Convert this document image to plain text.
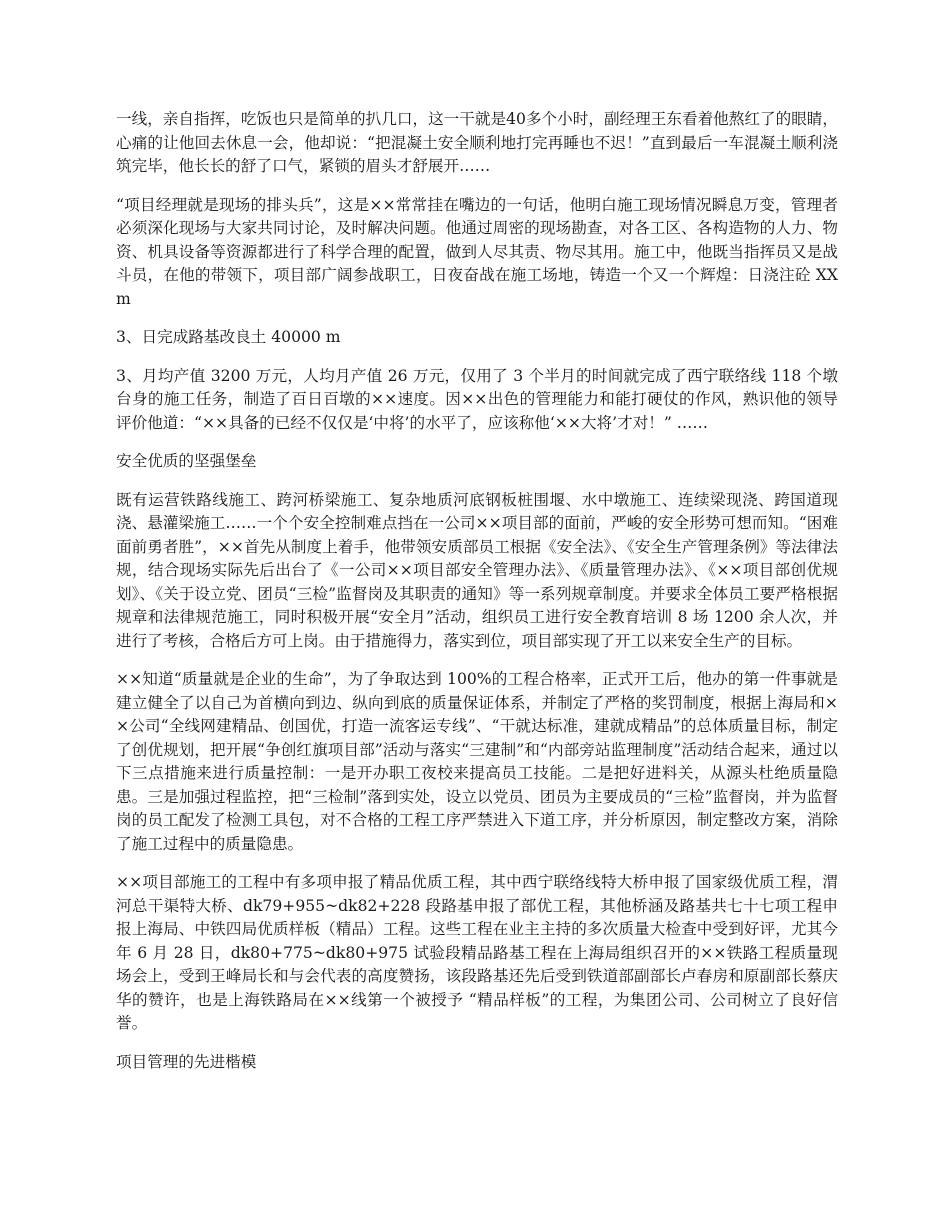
一线，亲自指挥，吃饭也只是简单的扒几口，这一干就是40多个小时，副经理王东看着他熬红了的眼睛，心痛的让他回去休息一会，他却说：“把混凝土安全顺利地打完再睡也不迟！”直到最后一车混凝土顺利浇筑完毕，他长长的舒了口气，紧锁的眉头才舒展开……

“项目经理就是现场的排头兵”，这是××常常挂在嘴边的一句话，他明白施工现场情况瞬息万变，管理者必须深化现场与大家共同讨论，及时解决问题。他通过周密的现场勘查，对各工区、各构造物的人力、物资、机具设备等资源都进行了科学合理的配置，做到人尽其责、物尽其用。施工中，他既当指挥员又是战斗员，在他的带领下，项目部广阔参战职工，日夜奋战在施工场地，铸造一个又一个辉煌：日浇注砼 XX m

3、日完成路基改良土 40000 m

3、月均产值 3200 万元，人均月产值 26 万元，仅用了 3 个半月的时间就完成了西宁联络线 118 个墩台身的施工任务，制造了百日百墩的××速度。因××出色的管理能力和能打硬仗的作风，熟识他的领导评价他道：“××具备的已经不仅仅是‘中将’的水平了，应该称他‘××大将’才对！” ……

安全优质的坚强堡垒

既有运营铁路线施工、跨河桥梁施工、复杂地质河底钢板桩围堰、水中墩施工、连续梁现浇、跨国道现浇、悬灌梁施工……一个个安全控制难点挡在一公司××项目部的面前，严峻的安全形势可想而知。“困难面前勇者胜”，××首先从制度上着手，他带领安质部员工根据《安全法》、《安全生产管理条例》等法律法规，结合现场实际先后出台了《一公司××项目部安全管理办法》、《质量管理办法》、《××项目部创优规划》、《关于设立党、团员“三检”监督岗及其职责的通知》等一系列规章制度。并要求全体员工要严格根据规章和法律规范施工，同时积极开展“安全月”活动，组织员工进行安全教育培训 8 场 1200 余人次，并进行了考核，合格后方可上岗。由于措施得力，落实到位，项目部实现了开工以来安全生产的目标。

××知道“质量就是企业的生命”，为了争取达到 100%的工程合格率，正式开工后，他办的第一件事就是建立健全了以自己为首横向到边、纵向到底的质量保证体系，并制定了严格的奖罚制度，根据上海局和××公司“全线网建精品、创国优，打造一流客运专线”、“干就达标准，建就成精品”的总体质量目标，制定了创优规划，把开展“争创红旗项目部”活动与落实“三建制”和“内部旁站监理制度”活动结合起来，通过以下三点措施来进行质量控制：一是开办职工夜校来提高员工技能。二是把好进料关，从源头杜绝质量隐患。三是加强过程监控，把“三检制”落到实处，设立以党员、团员为主要成员的“三检”监督岗，并为监督岗的员工配发了检测工具包，对不合格的工程工序严禁进入下道工序，并分析原因，制定整改方案，消除了施工过程中的质量隐患。

××项目部施工的工程中有多项申报了精品优质工程，其中西宁联络线特大桥申报了国家级优质工程，渭河总干渠特大桥、dk79+955~dk82+228 段路基申报了部优工程，其他桥涵及路基共七十七项工程申报上海局、中铁四局优质样板（精品）工程。这些工程在业主主持的多次质量大检查中受到好评，尤其今年 6 月 28 日，dk80+775~dk80+975 试验段精品路基工程在上海局组织召开的××铁路工程质量现场会上，受到王峰局长和与会代表的高度赞扬，该段路基还先后受到铁道部副部长卢春房和原副部长蔡庆华的赞许，也是上海铁路局在××线第一个被授予 “精品样板”的工程，为集团公司、公司树立了良好信誉。

项目管理的先进楷模
